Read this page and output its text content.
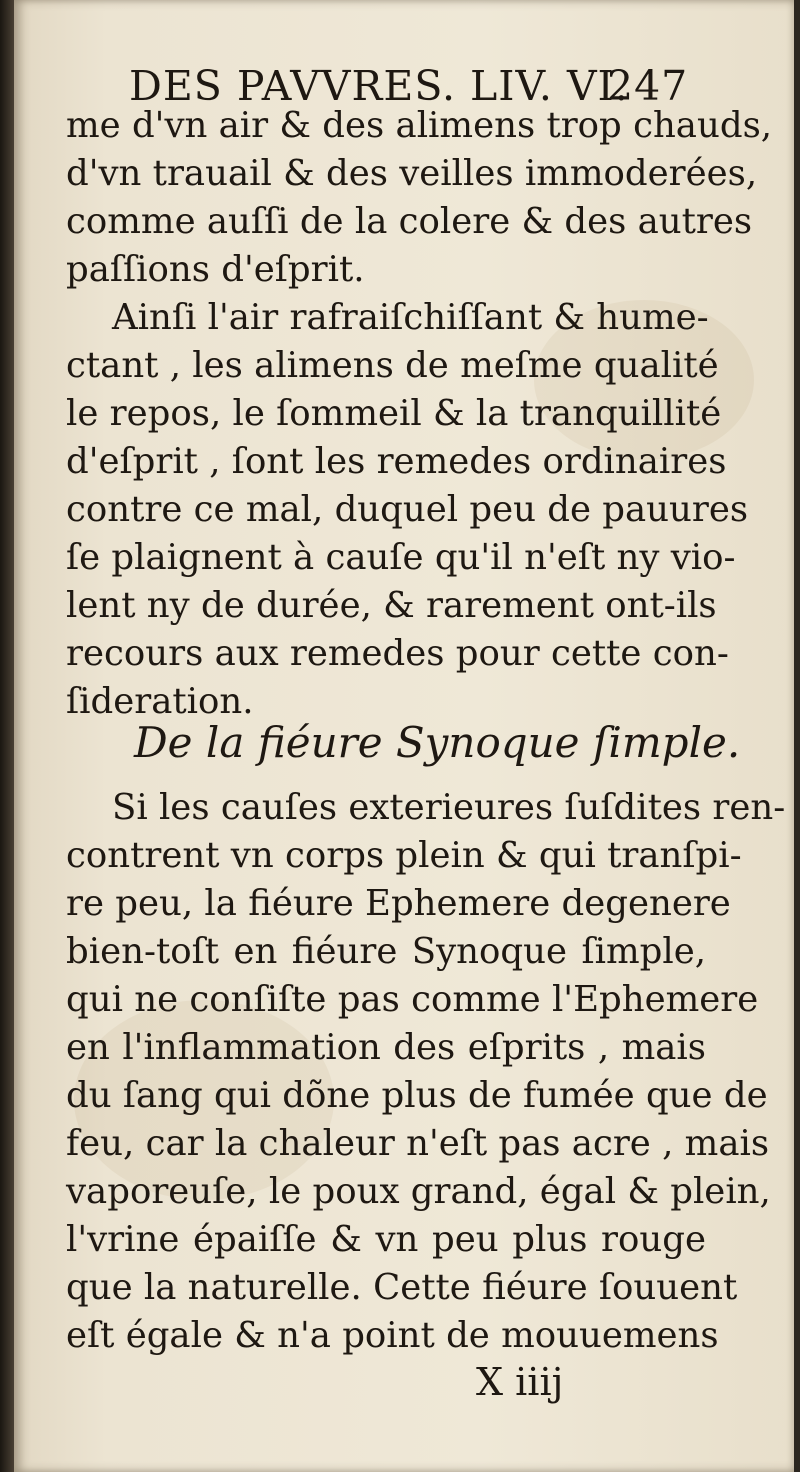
DES PAVVRES. LIV. VI.
247
me d'vn air & des alimens trop chauds,
d'vn trauail & des veilles immoderées,
comme auſſi de la colere & des autres
paſſions d'eſprit.
Ainſi l'air rafraiſchiſſant & hume-
ctant , les alimens de meſme qualité
le repos, le ſommeil & la tranquillité
d'eſprit , ſont les remedes ordinaires
contre ce mal, duquel peu de pauures
ſe plaignent à cauſe qu'il n'eſt ny vio-
lent ny de durée, & rarement ont-ils
recours aux remedes pour cette con-
ſideration.
De la fiéure Synoque ſimple.
Si les cauſes exterieures ſuſdites ren-
contrent vn corps plein & qui tranſpi-
re peu, la fiéure Ephemere degenere
bien-toſt en fiéure Synoque ſimple,
qui ne conſiſte pas comme l'Ephemere
en l'inflammation des eſprits , mais
du ſang qui dõne plus de fumée que de
feu, car la chaleur n'eſt pas acre , mais
vaporeuſe, le poux grand, égal & plein,
l'vrine épaiſſe & vn peu plus rouge
que la naturelle. Cette fiéure ſouuent
X iiij
eſt égale & n'a point de mouuemens
